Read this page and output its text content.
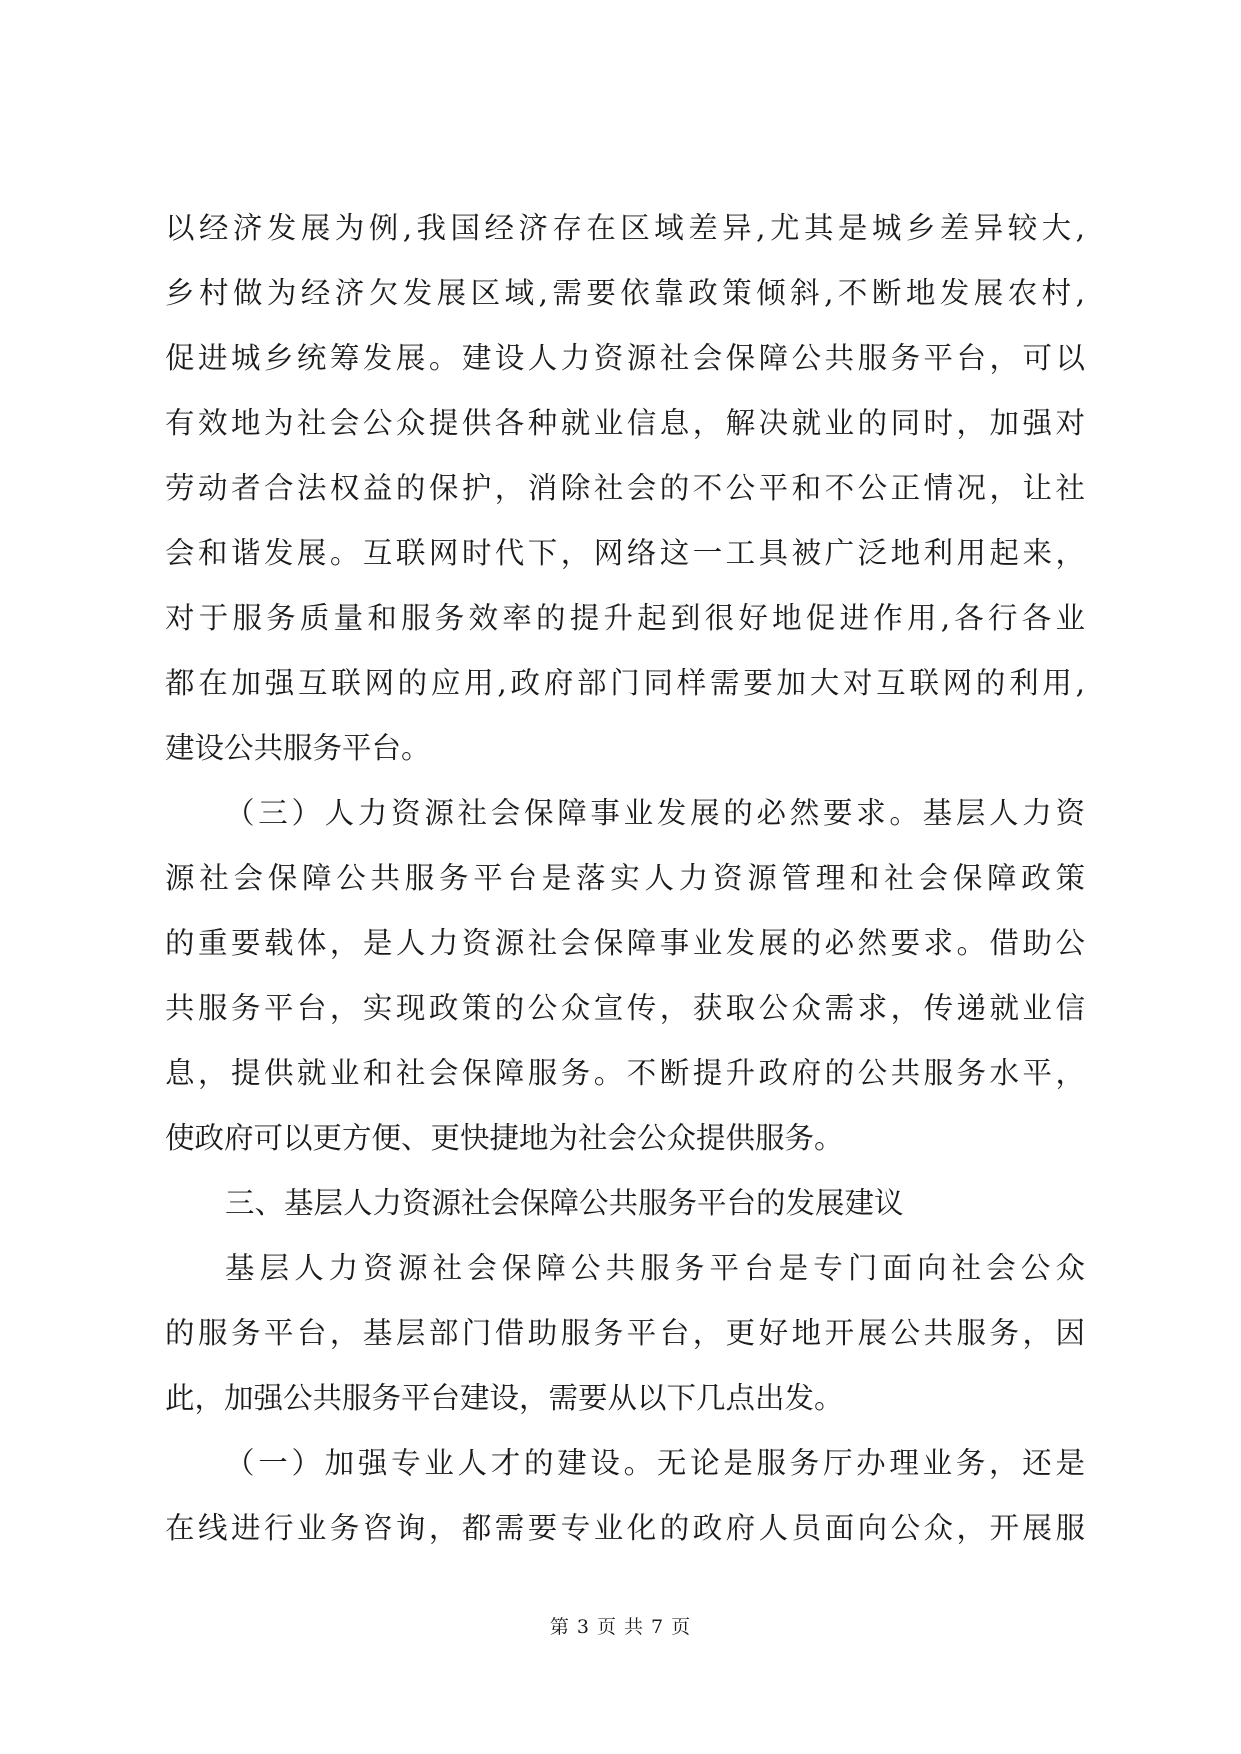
以经济发展为例,我国经济存在区域差异,尤其是城乡差异较大,
乡村做为经济欠发展区域,需要依靠政策倾斜,不断地发展农村,
促进城乡统筹发展。建设人力资源社会保障公共服务平台，可以
有效地为社会公众提供各种就业信息，解决就业的同时，加强对
劳动者合法权益的保护，消除社会的不公平和不公正情况，让社
会和谐发展。互联网时代下，网络这一工具被广泛地利用起来，
对于服务质量和服务效率的提升起到很好地促进作用,各行各业
都在加强互联网的应用,政府部门同样需要加大对互联网的利用,
建设公共服务平台。
（三）人力资源社会保障事业发展的必然要求。基层人力资
源社会保障公共服务平台是落实人力资源管理和社会保障政策
的重要载体，是人力资源社会保障事业发展的必然要求。借助公
共服务平台，实现政策的公众宣传，获取公众需求，传递就业信
息，提供就业和社会保障服务。不断提升政府的公共服务水平，
使政府可以更方便、更快捷地为社会公众提供服务。
三、基层人力资源社会保障公共服务平台的发展建议
基层人力资源社会保障公共服务平台是专门面向社会公众
的服务平台，基层部门借助服务平台，更好地开展公共服务，因
此，加强公共服务平台建设，需要从以下几点出发。
（一）加强专业人才的建设。无论是服务厅办理业务，还是
在线进行业务咨询，都需要专业化的政府人员面向公众，开展服
第 3 页 共 7 页
